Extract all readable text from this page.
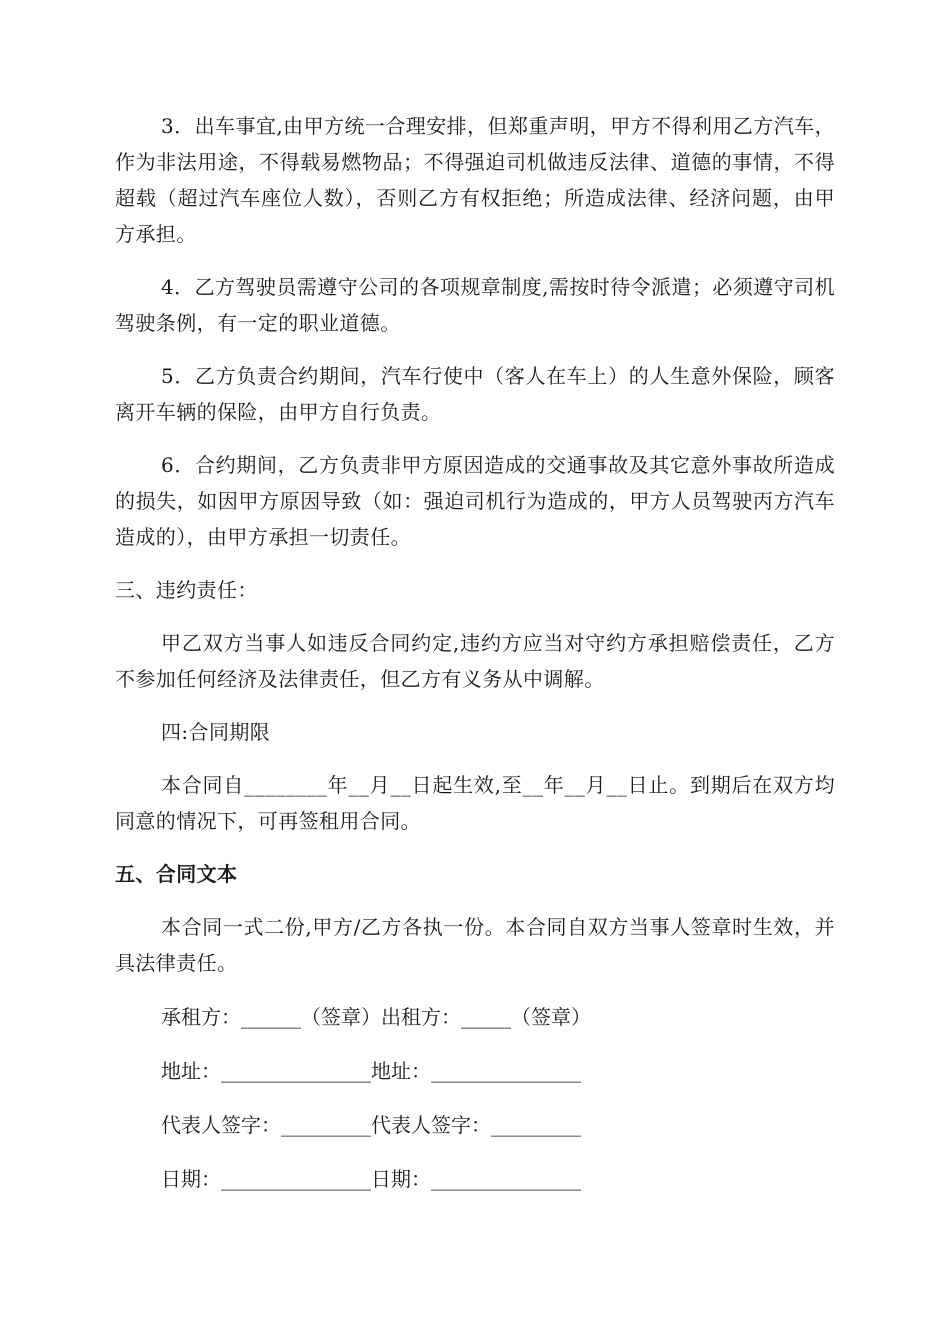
3．出车事宜,由甲方统一合理安排，但郑重声明，甲方不得利用乙方汽车，作为非法用途，不得载易燃物品；不得强迫司机做违反法律、道德的事情，不得超载（超过汽车座位人数），否则乙方有权拒绝；所造成法律、经济问题，由甲方承担。

4．乙方驾驶员需遵守公司的各项规章制度,需按时待令派遣；必须遵守司机驾驶条例，有一定的职业道德。

5．乙方负责合约期间，汽车行使中（客人在车上）的人生意外保险，顾客离开车辆的保险，由甲方自行负责。

6．合约期间，乙方负责非甲方原因造成的交通事故及其它意外事故所造成的损失，如因甲方原因导致（如：强迫司机行为造成的，甲方人员驾驶丙方汽车造成的），由甲方承担一切责任。

三、违约责任：

甲乙双方当事人如违反合同约定,违约方应当对守约方承担赔偿责任，乙方不参加任何经济及法律责任，但乙方有义务从中调解。

四:合同期限

本合同自________年__月__日起生效,至__年__月__日止。到期后在双方均同意的情况下，可再签租用合同。

五、合同文本

本合同一式二份,甲方/乙方各执一份。本合同自双方当事人签章时生效，并具法律责任。

承租方：______（签章）出租方：_____（签章）
地址：_______________地址：_______________
代表人签字：_________代表人签字：_________
日期：_______________日期：_______________
